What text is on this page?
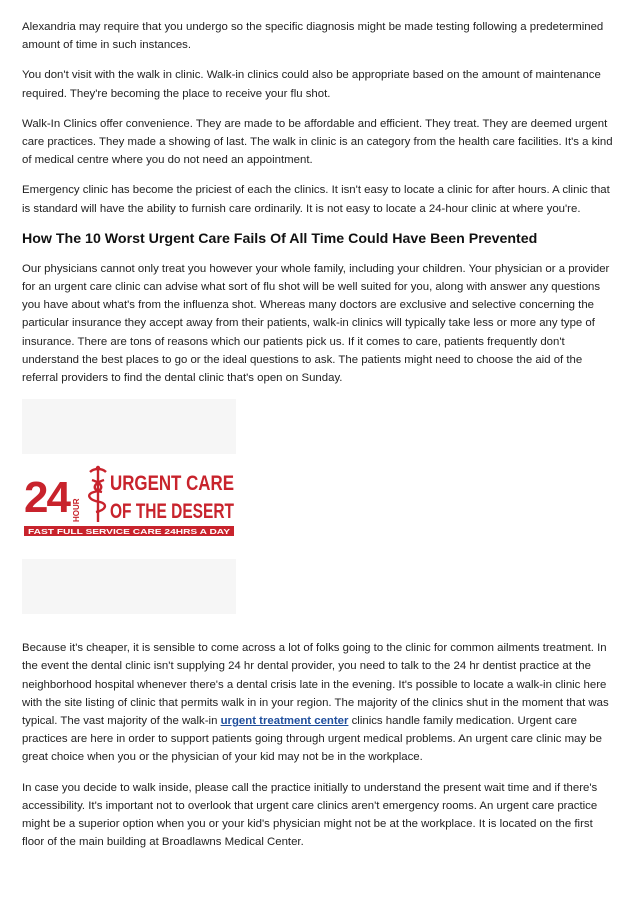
Alexandria may require that you undergo so the specific diagnosis might be made testing following a predetermined amount of time in such instances.

You don't visit with the walk in clinic. Walk-in clinics could also be appropriate based on the amount of maintenance required. They're becoming the place to receive your flu shot.

Walk-In Clinics offer convenience. They are made to be affordable and efficient. They treat. They are deemed urgent care practices. They made a showing of last. The walk in clinic is an category from the health care facilities. It's a kind of medical centre where you do not need an appointment.

Emergency clinic has become the priciest of each the clinics. It isn't easy to locate a clinic for after hours. A clinic that is standard will have the ability to furnish care ordinarily. It is not easy to locate a 24-hour clinic at where you're.

How The 10 Worst Urgent Care Fails Of All Time Could Have Been Prevented

Our physicians cannot only treat you however your whole family, including your children. Your physician or a provider for an urgent care clinic can advise what sort of flu shot will be well suited for you, along with answer any questions you have about what's from the influenza shot. Whereas many doctors are exclusive and selective concerning the particular insurance they accept away from their patients, walk-in clinics will typically take less or more any type of insurance. There are tons of reasons which our patients pick us. If it comes to care, patients frequently don't understand the best places to go or the ideal questions to ask. The patients might need to choose the aid of the referral providers to find the dental clinic that's open on Sunday.

24 HOUR
URGENT CARE
OF THE DESERT
FAST FULL SERVICE CARE 24HRS A DAY

Because it's cheaper, it is sensible to come across a lot of folks going to the clinic for common ailments treatment. In the event the dental clinic isn't supplying 24 hr dental provider, you need to talk to the 24 hr dentist practice at the neighborhood hospital whenever there's a dental crisis late in the evening. It's possible to locate a walk-in clinic here with the site listing of clinic that permits walk in in your region. The majority of the clinics shut in the moment that was typical. The vast majority of the walk-in urgent treatment center clinics handle family medication. Urgent care practices are here in order to support patients going through urgent medical problems. An urgent care clinic may be great choice when you or the physician of your kid may not be in the workplace.

In case you decide to walk inside, please call the practice initially to understand the present wait time and if there's accessibility. It's important not to overlook that urgent care clinics aren't emergency rooms. An urgent care practice might be a superior option when you or your kid's physician might not be at the workplace. It is located on the first floor of the main building at Broadlawns Medical Center.
